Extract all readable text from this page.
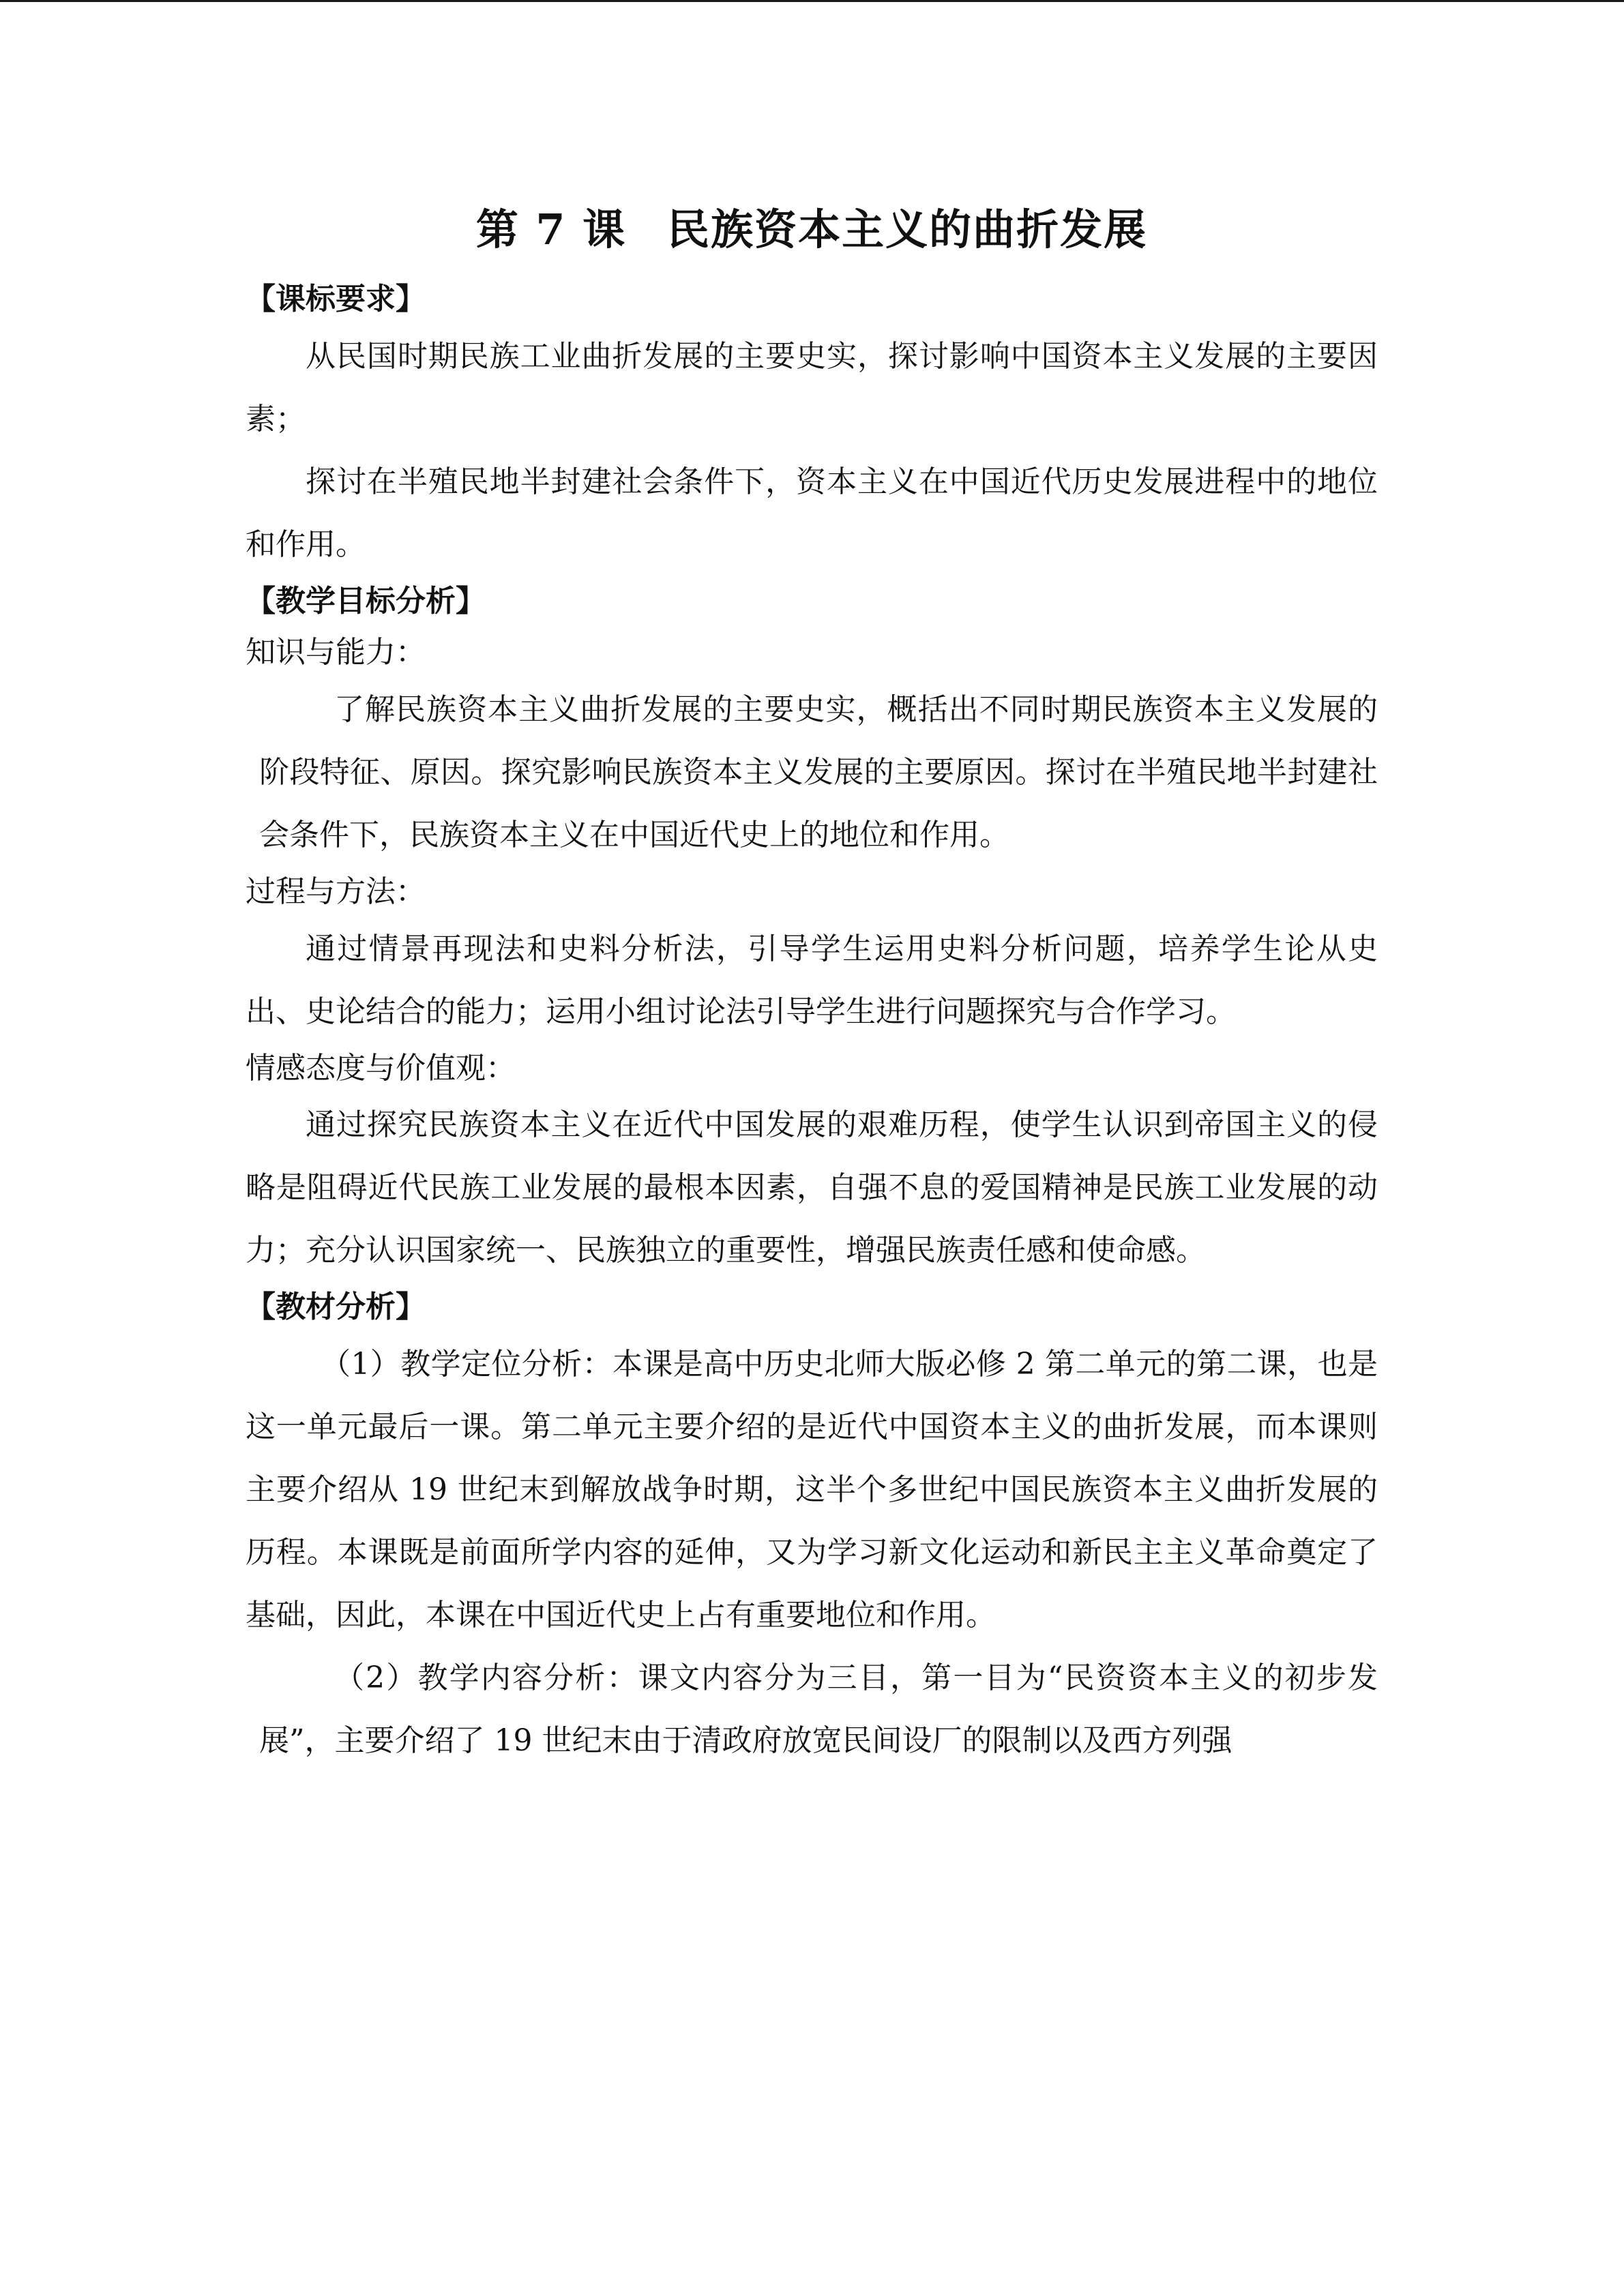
第 7 课 民族资本主义的曲折发展

【课标要求】

从民国时期民族工业曲折发展的主要史实，探讨影响中国资本主义发展的主要因素；

探讨在半殖民地半封建社会条件下，资本主义在中国近代历史发展进程中的地位和作用。

【教学目标分析】

知识与能力：

了解民族资本主义曲折发展的主要史实，概括出不同时期民族资本主义发展的阶段特征、原因。探究影响民族资本主义发展的主要原因。探讨在半殖民地半封建社会条件下，民族资本主义在中国近代史上的地位和作用。

过程与方法：

通过情景再现法和史料分析法，引导学生运用史料分析问题，培养学生论从史出、史论结合的能力；运用小组讨论法引导学生进行问题探究与合作学习。

情感态度与价值观：

通过探究民族资本主义在近代中国发展的艰难历程，使学生认识到帝国主义的侵略是阻碍近代民族工业发展的最根本因素，自强不息的爱国精神是民族工业发展的动力；充分认识国家统一、民族独立的重要性，增强民族责任感和使命感。

【教材分析】

（1）教学定位分析：本课是高中历史北师大版必修 2 第二单元的第二课，也是这一单元最后一课。第二单元主要介绍的是近代中国资本主义的曲折发展，而本课则主要介绍从 19 世纪末到解放战争时期，这半个多世纪中国民族资本主义曲折发展的历程。本课既是前面所学内容的延伸，又为学习新文化运动和新民主主义革命奠定了基础，因此，本课在中国近代史上占有重要地位和作用。

（2）教学内容分析：课文内容分为三目，第一目为“民资资本主义的初步发展”，主要介绍了 19 世纪末由于清政府放宽民间设厂的限制以及西方列强
